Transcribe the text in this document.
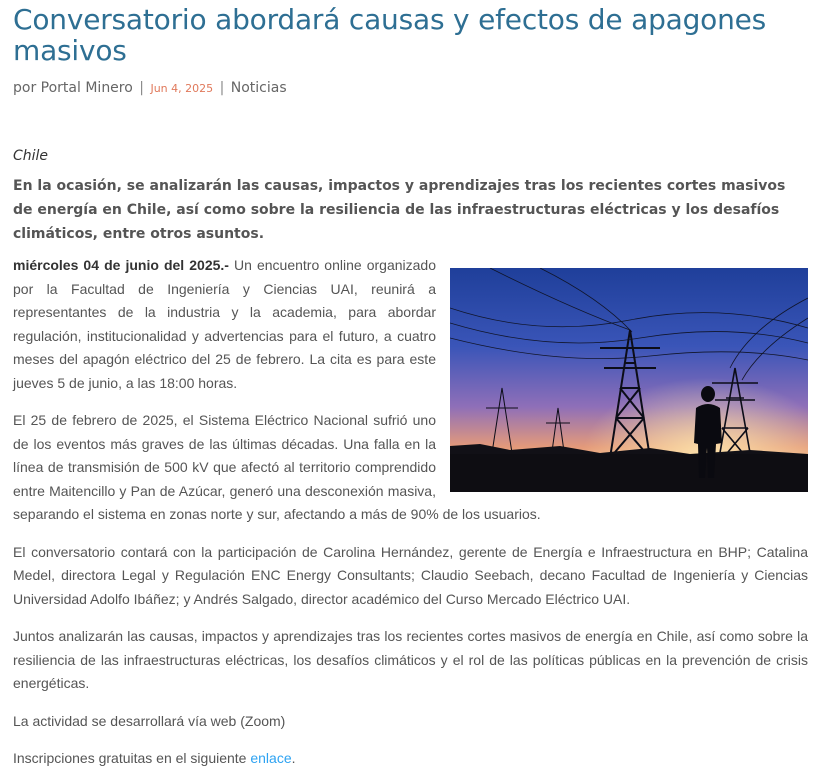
Conversatorio abordará causas y efectos de apagones masivos
por Portal Minero | Jun 4, 2025 | Noticias
Chile
En la ocasión, se analizarán las causas, impactos y aprendizajes tras los recientes cortes masivos de energía en Chile, así como sobre la resiliencia de las infraestructuras eléctricas y los desafíos climáticos, entre otros asuntos.

miércoles 04 de junio del 2025.- Un encuentro online organizado por la Facultad de Ingeniería y Ciencias UAI, reunirá a representantes de la industria y la academia, para abordar regulación, institucionalidad y advertencias para el futuro, a cuatro meses del apagón eléctrico del 25 de febrero. La cita es para este jueves 5 de junio, a las 18:00 horas.

El 25 de febrero de 2025, el Sistema Eléctrico Nacional sufrió uno de los eventos más graves de las últimas décadas. Una falla en la línea de transmisión de 500 kV que afectó al territorio comprendido entre Maitencillo y Pan de Azúcar, generó una desconexión masiva, separando el sistema en zonas norte y sur, afectando a más de 90% de los usuarios.

El conversatorio contará con la participación de Carolina Hernández, gerente de Energía e Infraestructura en BHP; Catalina Medel, directora Legal y Regulación ENC Energy Consultants; Claudio Seebach, decano Facultad de Ingeniería y Ciencias Universidad Adolfo Ibáñez; y Andrés Salgado, director académico del Curso Mercado Eléctrico UAI.

Juntos analizarán las causas, impactos y aprendizajes tras los recientes cortes masivos de energía en Chile, así como sobre la resiliencia de las infraestructuras eléctricas, los desafíos climáticos y el rol de las políticas públicas en la prevención de crisis energéticas.

La actividad se desarrollará vía web (Zoom)

Inscripciones gratuitas en el siguiente enlace.
